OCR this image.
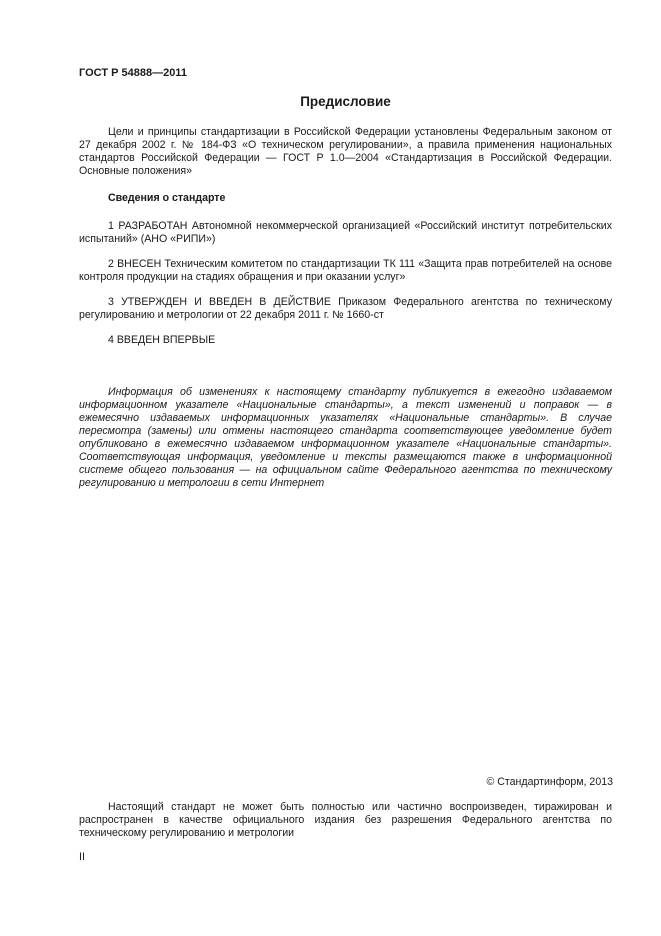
ГОСТ Р 54888—2011
Предисловие
Цели и принципы стандартизации в Российской Федерации установлены Федеральным законом от 27 декабря 2002 г. № 184-ФЗ «О техническом регулировании», а правила применения национальных стандартов Российской Федерации — ГОСТ Р 1.0—2004 «Стандартизация в Российской Федерации. Основные положения»
Сведения о стандарте
1 РАЗРАБОТАН Автономной некоммерческой организацией «Российский институт потребительских испытаний» (АНО «РИПИ»)
2 ВНЕСЕН Техническим комитетом по стандартизации ТК 111 «Защита прав потребителей на основе контроля продукции на стадиях обращения и при оказании услуг»
3 УТВЕРЖДЕН И ВВЕДЕН В ДЕЙСТВИЕ Приказом Федерального агентства по техническому регулированию и метрологии от 22 декабря 2011 г. № 1660-ст
4 ВВЕДЕН ВПЕРВЫЕ
Информация об изменениях к настоящему стандарту публикуется в ежегодно издаваемом информационном указателе «Национальные стандарты», а текст изменений и поправок — в ежемесячно издаваемых информационных указателях «Национальные стандарты». В случае пересмотра (замены) или отмены настоящего стандарта соответствующее уведомление будет опубликовано в ежемесячно издаваемом информационном указателе «Национальные стандарты». Соответствующая информация, уведомление и тексты размещаются также в информационной системе общего пользования — на официальном сайте Федерального агентства по техническому регулированию и метрологии в сети Интернет
© Стандартинформ, 2013
Настоящий стандарт не может быть полностью или частично воспроизведен, тиражирован и распространен в качестве официального издания без разрешения Федерального агентства по техническому регулированию и метрологии
II
